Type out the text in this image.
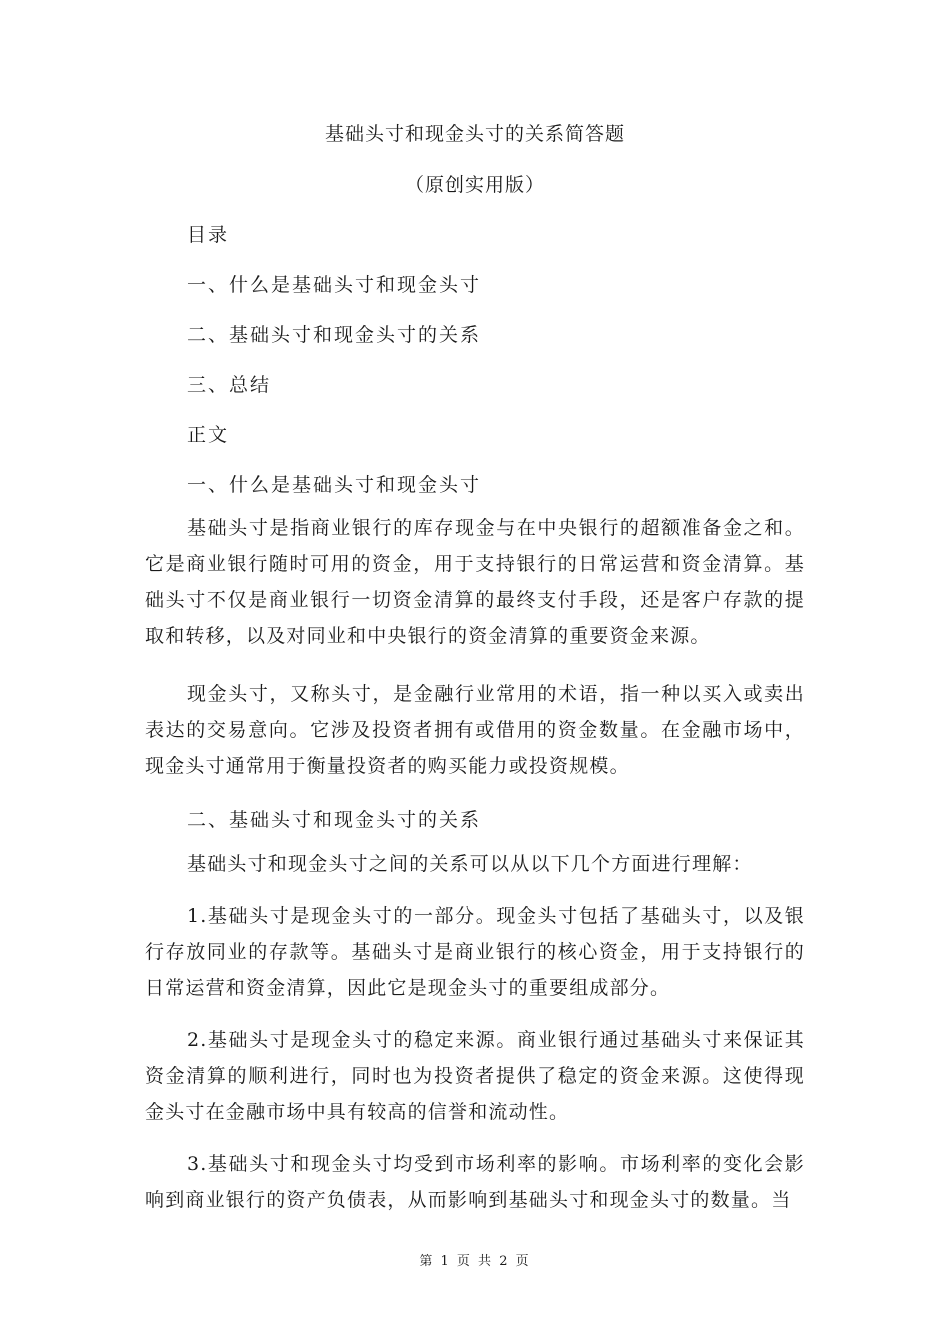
基础头寸和现金头寸的关系简答题
（原创实用版）
目录
一、什么是基础头寸和现金头寸
二、基础头寸和现金头寸的关系
三、总结
正文
一、什么是基础头寸和现金头寸
基础头寸是指商业银行的库存现金与在中央银行的超额准备金之和。它是商业银行随时可用的资金，用于支持银行的日常运营和资金清算。基础头寸不仅是商业银行一切资金清算的最终支付手段，还是客户存款的提取和转移，以及对同业和中央银行的资金清算的重要资金来源。
现金头寸，又称头寸，是金融行业常用的术语，指一种以买入或卖出表达的交易意向。它涉及投资者拥有或借用的资金数量。在金融市场中，现金头寸通常用于衡量投资者的购买能力或投资规模。
二、基础头寸和现金头寸的关系
基础头寸和现金头寸之间的关系可以从以下几个方面进行理解：
1.基础头寸是现金头寸的一部分。现金头寸包括了基础头寸，以及银行存放同业的存款等。基础头寸是商业银行的核心资金，用于支持银行的日常运营和资金清算，因此它是现金头寸的重要组成部分。
2.基础头寸是现金头寸的稳定来源。商业银行通过基础头寸来保证其资金清算的顺利进行，同时也为投资者提供了稳定的资金来源。这使得现金头寸在金融市场中具有较高的信誉和流动性。
3.基础头寸和现金头寸均受到市场利率的影响。市场利率的变化会影响到商业银行的资产负债表，从而影响到基础头寸和现金头寸的数量。当
第 1 页 共 2 页
